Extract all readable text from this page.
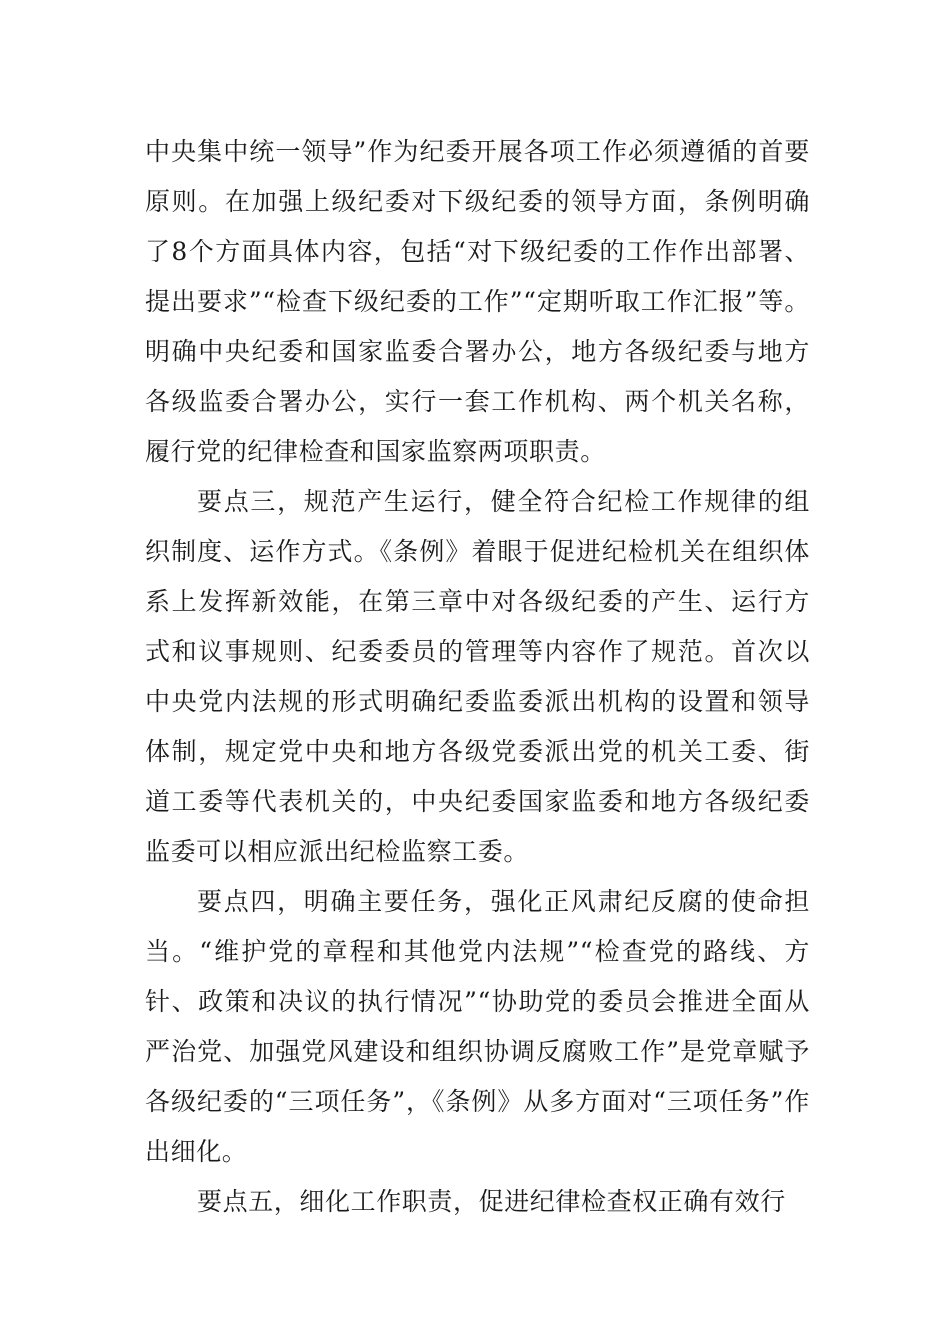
中央集中统一领导”作为纪委开展各项工作必须遵循的首要原则。在加强上级纪委对下级纪委的领导方面，条例明确了8个方面具体内容，包括“对下级纪委的工作作出部署、提出要求”“检查下级纪委的工作”“定期听取工作汇报”等。明确中央纪委和国家监委合署办公，地方各级纪委与地方各级监委合署办公，实行一套工作机构、两个机关名称，履行党的纪律检查和国家监察两项职责。

要点三，规范产生运行，健全符合纪检工作规律的组织制度、运作方式。《条例》着眼于促进纪检机关在组织体系上发挥新效能，在第三章中对各级纪委的产生、运行方式和议事规则、纪委委员的管理等内容作了规范。首次以中央党内法规的形式明确纪委监委派出机构的设置和领导体制，规定党中央和地方各级党委派出党的机关工委、街道工委等代表机关的，中央纪委国家监委和地方各级纪委监委可以相应派出纪检监察工委。

要点四，明确主要任务，强化正风肃纪反腐的使命担当。“维护党的章程和其他党内法规”“检查党的路线、方针、政策和决议的执行情况”“协助党的委员会推进全面从严治党、加强党风建设和组织协调反腐败工作”是党章赋予各级纪委的“三项任务”，《条例》从多方面对“三项任务”作出细化。

要点五，细化工作职责，促进纪律检查权正确有效行
